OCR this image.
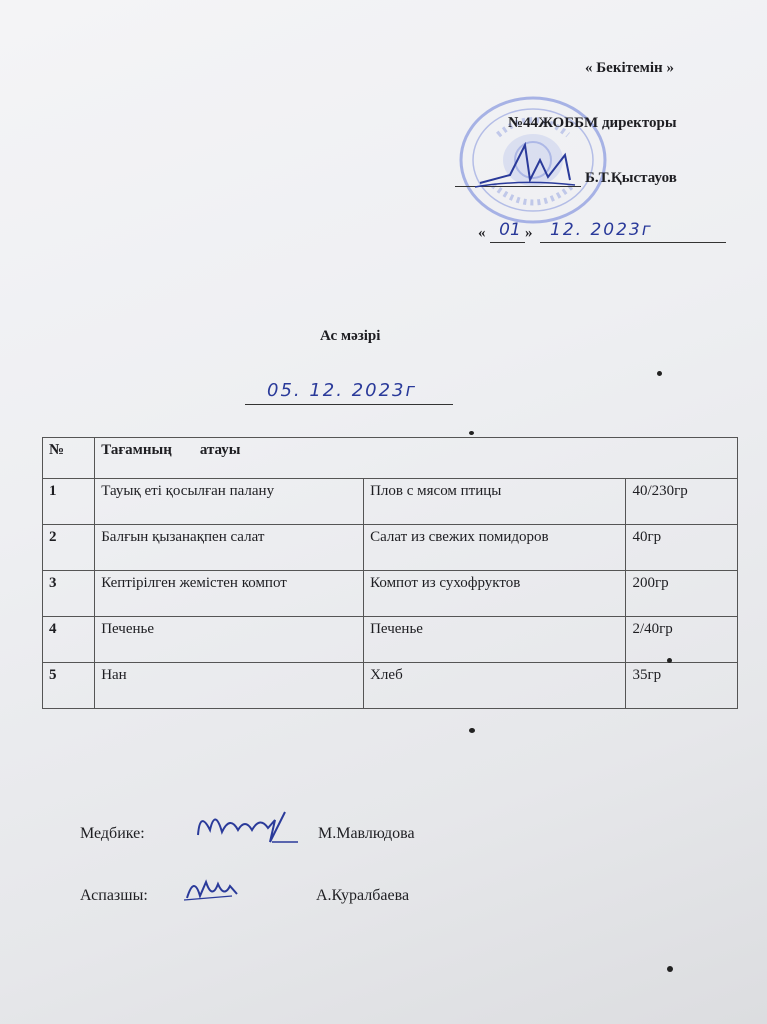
« Бекітемін »
№44ЖОББМ директоры
Б.Т.Қыстауов
« 01 » 12. 2023г
Ас мәзірі
05. 12. 2023г
№	Тағамның атауы		
1	Тауық еті қосылған палану	Плов с мясом птицы	40/230гр
2	Балғын қызанақпен салат	Салат из свежих помидоров	40гр
3	Кептірілген жемістен компот	Компот из сухофруктов	200гр
4	Печенье	Печенье	2/40гр
5	Нан	Хлеб	35гр
Медбике:	М.Мавлюдова
Аспазшы:	А.Куралбаева
